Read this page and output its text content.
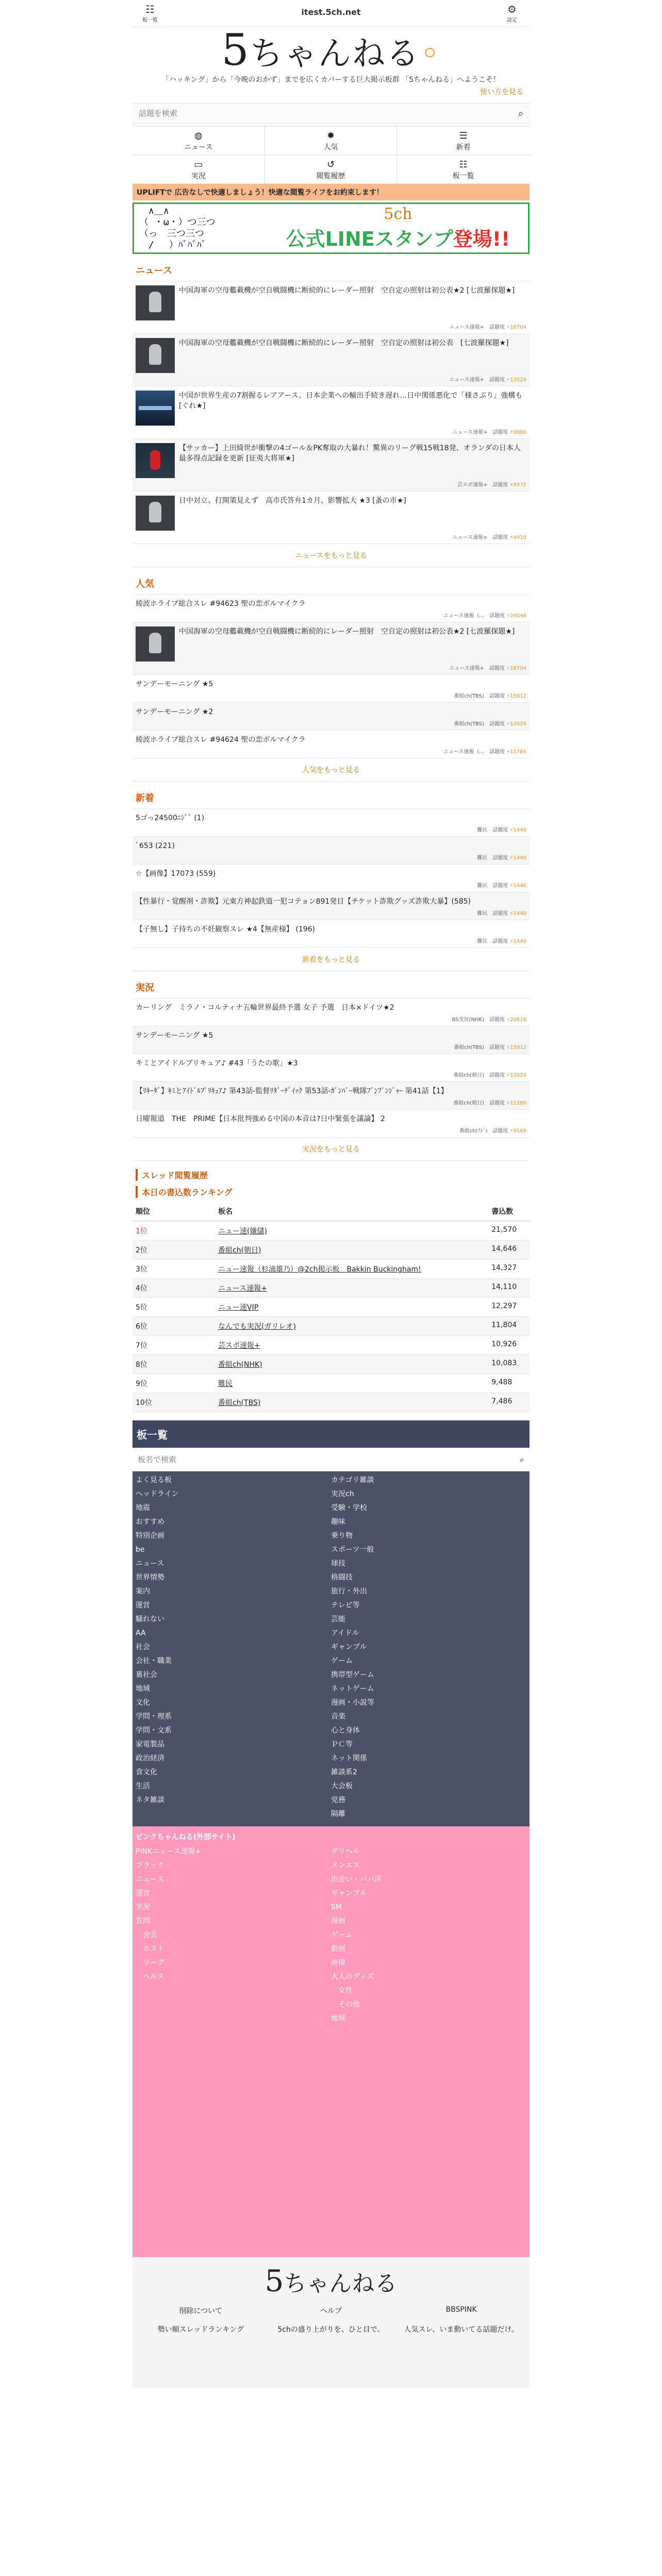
☷
板一覧
itest.5ch.net	⚙
設定
5ちゃんねる◦
「ハッキング」から「今晩のおかず」までを広くカバーする巨大掲示板群 「5ちゃんねる」へようこそ！
使い方を見る
話題を検索
⌕
◍
ニュース
✹
人気
☰
新着
▭
実況
↺
閲覧履歴
☷
板一覧
UPLIFTで 広告なしで快適しましょう！快適な閲覧ライフをお約束します！
　∧＿∧
（ ・ω・）つ三つ
（っ　三つ三つ
　/　 ）ﾊﾞﾊﾞﾊﾞ
5ch
公式LINEスタンプ登場!!
ニュース
中国海軍の空母艦載機が空自戦闘機に断続的にレーダー照射　空自定の照射は初公表★2 [七波羅探題★]
ニュース速報+　 話題度 ⚡16704
中国海軍の空母艦載機が空自戦闘機に断続的にレーダー照射　空自定の照射は初公表　[七波羅探題★]
ニュース速報+　 話題度 ⚡12024
中国が世界生産の7割握るレアアース、日本企業への輸出手続き遅れ…日中関係悪化で「様さぶり」強構も [ぐれ★]
ニュース速報+　 話題度 ⚡9980
【サッカー】上田綺世が衝撃の4ゴール＆PK奪取の大暴れ！驚異のリーグ戦15戦18発、オランダの日本人最多得点記録を更新 [征夷大将軍★]
芸スポ速報+　 話題度 ⚡9372
日中対立、打開策見えず　高市氏答弁1カ月、影響拡大 ★3 [蚤の市★]
ニュース速報+　 話題度 ⚡4810
ニュースをもっと見る
人気
綾波ホライブ総合スレ #94623 聖の恋ボルマイクラ
ニュース速報（...　 話題度 ⚡24046
中国海軍の空母艦載機が空自戦闘機に断続的にレーダー照射　空自定の照射は初公表★2 [七波羅探題★]
ニュース速報+　 話題度 ⚡16704
サンデーモーニング ★5
番組ch(TBS)　 話題度 ⚡15912
サンデーモーニング ★2
番組ch(TBS)　 話題度 ⚡12024
綾波ホライブ総合スレ #94624 聖の恋ボルマイクラ
ニュース速報（...　 話題度 ⚡11784
人気をもっと見る
新着
5ゴっ24500ﾆｼﾞﾞ (1)
難民　 話題度 ⚡1440
ﾞ653 (221)
難民　 話題度 ⚡1440
☆【画像】17073 (559)
難民　 話題度 ⚡1440
【性暴行・覚醒剤・詐欺】元東方神起鉄道一犯コテョン891発目【チケット詐欺グッズ詐欺大暴】(585)
難民　 話題度 ⚡1440
【子無し】子持ちの不妊観察スレ ★4【無産様】 (196)
難民　 話題度 ⚡1440
新着をもっと見る
実況
カーリング　ミラノ・コルティナ五輪世界最終予選 女子 予選　日本×ドイツ★2
BS実況(NHK)　 話題度 ⚡20616
サンデーモーニング ★5
番組ch(TBS)　 話題度 ⚡15912
キミとアイドルプリキュア♪ #43「うたの歌」★3
番組ch(朝日)　 話題度 ⚡12024
【ﾘｷｰﾀﾞ】ｷﾐとｱｲﾄﾞﾙﾌﾟﾘｷｭｱ♪ 第43話-監督ﾘﾀﾞｰﾁﾞｲｯｸ 第53話-ｶﾞﾝﾊﾞｰ戦隊ﾌﾞﾝﾌﾞﾝｼﾞｬｰ 第41話【1】
番組ch(朝日)　 話題度 ⚡11280
日曜報道　THE　PRIME【日本批判強める中国の本音は?日中緊張を議論】 2
番組ch(ﾌｼﾞ)　 話題度 ⚡9168
実況をもっと見る
スレッド閲覧履歴
本日の書込数ランキング
順位	板名	書込数
1位	ニュー速(嫌儲)	21,570
2位	番組ch(朝日)	14,646
3位	ニュー速報（杉浦雄乃）@2ch掲示板　Bakkin Buckingham!	14,327
4位	ニュース速報+	14,110
5位	ニュー速VIP	12,297
6位	なんでも実況(ガリレオ)	11,804
7位	芸スポ速報+	10,926
8位	番組ch(NHK)	10,083
9位	難民	9,488
10位	番組ch(TBS)	7,486
板一覧
板名で検索
⌕
よく見る板
ヘッドライン
地震
おすすめ
特別企画
be
ニュース
世界情勢
案内
運営
騒れない
AA
社会
会社・職業
裏社会
地域
文化
学問・理系
学問・文系
家電製品
政治経済
食文化
生活
ネタ雑談
カテゴリ雑談
実況ch
受験・学校
趣味
乗り物
スポーツ一般
球技
格闘技
旅行・外出
テレビ等
芸能
アイドル
ギャンブル
ゲーム
携帯型ゲーム
ネットゲーム
漫画・小説等
音楽
心と身体
ＰＣ等
ネット関係
雑談系2
大会板
党務
隔離
ピンクちゃんねる(外部サイト)
PINKニュース速報+
ブラック
ニュース
運営
実況
質問
　会長
　ホスト
　リーグ
　ヘルス
デリヘル
メンエス
出会い・パパ活
ギャンブル
SM
漫画
ゲーム
動画
画像
大人のグッズ
　女性
　その他
地域
5ちゃんねる
削除について	ヘルプ	BBSPINK
勢い順スレッドランキング	5chの盛り上がりを、ひと目で。	人気スレ、いま動いてる話題だけ。
